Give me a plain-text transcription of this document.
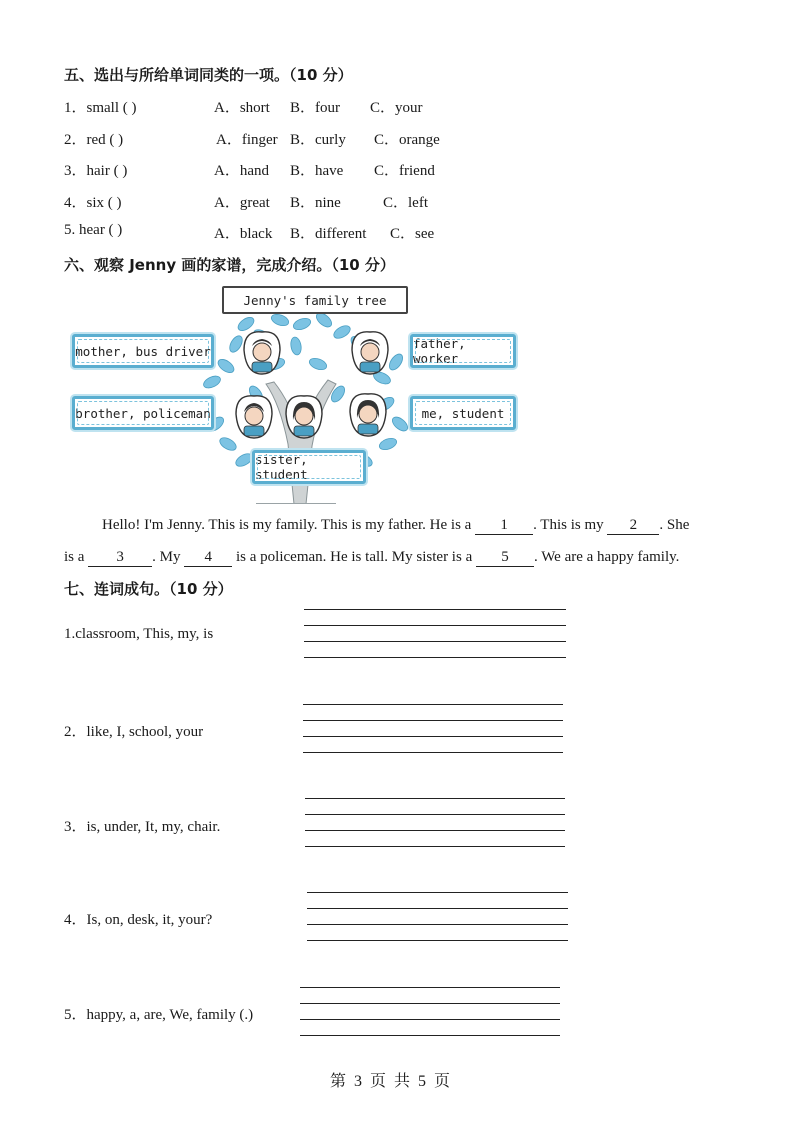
五、选出与所给单词同类的一项。（10 分）
1．small ( )	A．short B．four C．your
2．red ( )	A．finger B．curly C．orange
3．hair ( )	A．hand B．have C．friend
4．six ( )	A．great B．nine	C．left
5. hear ( )	A．black B．different C．see
六、观察 Jenny 画的家谱，完成介绍。（10 分）
Jenny's family tree
mother, bus driver	father, worker
brother, policeman	me, student
sister, student
Hello! I'm Jenny. This is my family. This is my father. He is a 1 . This is my 2 . She
is a 3 . My 4 is a policeman. He is tall. My sister is a 5 . We are a happy family.
七、连词成句。（10 分）
1.classroom, This, my, is
2．like, I, school, your
3．is, under, It, my, chair.
4．Is, on, desk, it, your?
5．happy, a, are, We, family (.)
第 3 页 共 5 页
